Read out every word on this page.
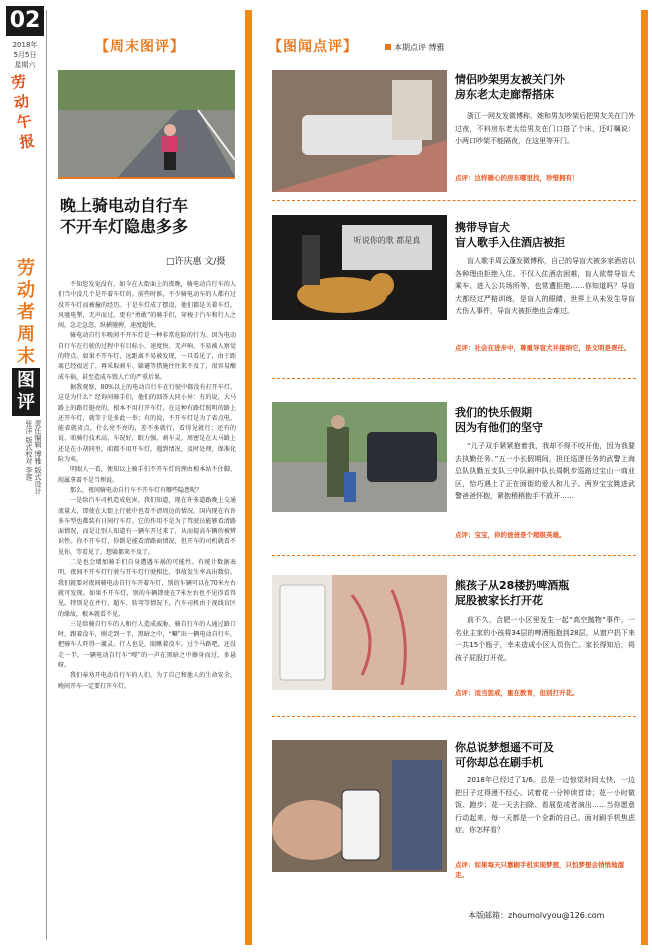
02
2018年
5月5日
星期六
劳动午报
劳动者周末
图评
责任编辑 博雅 版式设计 张洋 版式校对 李莲
【周末图评】
晚上骑电动自行车
不开车灯隐患多多
□许庆惠 文/摄

不知您发觉没有，如今在大街面上的夜晚，骑电动自行车的人们当中没几个是开着车灯的。前些时候，不少骑电动车的人都有过没开车灯而被撞的经历。于是车灯成了摆设，他们都是关着车灯，风驰电掣，无声而过。更有“勇敢”的骑手们，穿梭于汽车和行人之间，急走急忽，纵横驰骋，速度超快。

骑电动自行车晚间不开车灯是一种非常危险的行为。因为电动自行车在行驶的过程中有目标小、速度快、无声响、不易被人察觉的特点。如果不开车灯，远距离不易被发现，一旦看见了，由于距离已经很近了，再采取刹车、躲避等措施往往来不及了，很容易酿成车祸，甚至造成车毁人亡的严重后果。

据我观察，80%以上的电动自行车在行驶中都没有打开车灯。这是为什么？经询问骑手们，他们的回答大同小异：有的说，大马路上的路灯挺亮的，根本不用打开车灯，在这种有路灯照明的路上还开车灯，就等于是多此一举；有的说，不开车灯是为了省点电，能省就省点，什么亮不亮的，差不多就行，看得见就行；还有的说，咱骑行技术高，车况好，眼力强，刹车灵。周密是在大马路上还是在小胡同里，咱都不用开车灯，遇到情况，及时处理，保准化险为夷。

明眼人一看，便知以上骑手们不开车灯的理由根本站不住脚，纯属拿着不是当理说。

那么，夜间骑电动自行车不开车灯有哪些隐患呢？

一是给汽车司机造成危害。我们知道，现在许多道路晚上交通流量大，即使在大街上行驶中也看不清周边的情况。国内现在有许多车型也都装有日间行车灯。它的作用不是为了驾驶员能够看清路面情况，而是让别人知道有一辆车开过来了，从而提高车辆的被辨识性。你不开车灯，你倒是能看清路面情况，但开车的司机就看不见你，等看见了，想躲都来不及了。

二是也会增加骑手们自身遭遇车祸的可能性。有统计数据表明，夜间不开车灯行驶与开车灯行驶相比，事故发生率高出数倍。我们就要对夜间骑电动自行车开着车灯，别的车辆可以在70米左右就可发现。如果不开车灯，别的车辆即使在7米左右也不见得看得见。特别是在并行、超车、转弯等情况下，汽车司机由于视线盲区的缘故，根本就看不见。

三是给骑自行车的人和行人造成威胁。骑自行车的人通过路口时，跟着没车，刚走到一半，黑暗之中，“唰”出一辆电动自行车，把骑车人吓得一激灵。行人也是，眼瞅着没车，过个马路吧，还没走一半，一辆电动自行车“嗖”的一声在黑暗之中擦身而过，多悬呀。

我们奉劝开电动自行车的人们，为了自己和他人的生命安全，晚间开车一定要打开车灯。

【图闻点评】	本期点评 博雅
情侣吵架男友被关门外
房东老太走廊帮搭床

浙江一网友发微博称，她和男友吵架后把男友关在门外过夜，不料房东老太给男友在门口搭了个床，还叮嘱说：小两口吵架不能隔夜，在这里等开门。

点评：这样暖心的房东哪里找，珍惜拥有！
听说你的歌 都是真
携带导盲犬
盲人歌手入住酒店被拒

盲人歌手周云蓬发微博称，自己的导盲犬被多家酒店以各种理由拒绝入住。不仅入住酒店困难，盲人欲带导盲犬乘车、进入公共场所等，也常遭拒绝……你知道吗？导盲犬都经过严格训练，是盲人的眼睛，世界上从未发生导盲犬伤人事件，导盲犬被拒绝也会难过。

点评：社会在进步中，尊重导盲犬并接纳它，是文明是责任。
我们的快乐假期
因为有他们的坚守

“儿子双手紧紧抱着我，我却不得不咬开他，因为我要去执勤任务。”五一小长假期间，担任巡逻任务的武警上海总队执勤五支队三中队刷中队长周帆步巡路过宝山一商业区，恰巧遇上了正在面街的爱人和儿子。两岁宝宝跳进武警爸爸怀抱，紧抱稍稍抱手不放开……

点评：宝宝，你的爸爸是个超级英雄。
熊孩子从28楼扔啤酒瓶
屁股被家长打开花

前不久，合肥一小区里发生一起“高空抛物”事件，一名业主家的小孩将34层的啤酒瓶抱到28层，从窗户扔下来一共15个瓶子，幸未造成小区人员伤亡。家长得知后，将孩子屁股打开花。

点评：适当惩戒，重在教育，但别打开花。
你总说梦想遥不可及
可你却总在刷手机

2018年已经过了1/6。总是一边惊觉时间太快，一边把日子过得漫不经心。试着花一分钟读首诗；花一小时做饭、跑步；花一天去扫除、看展览或者演出……当你愿意行动起来，每一天都是一个全新的自己。面对刷手机焦虑症，你怎样看？

点评：如果每天只靠刷手机实现梦想，只怕梦想会悄悄地溜走。
本版邮箱：zhoumolvyou@126.com
